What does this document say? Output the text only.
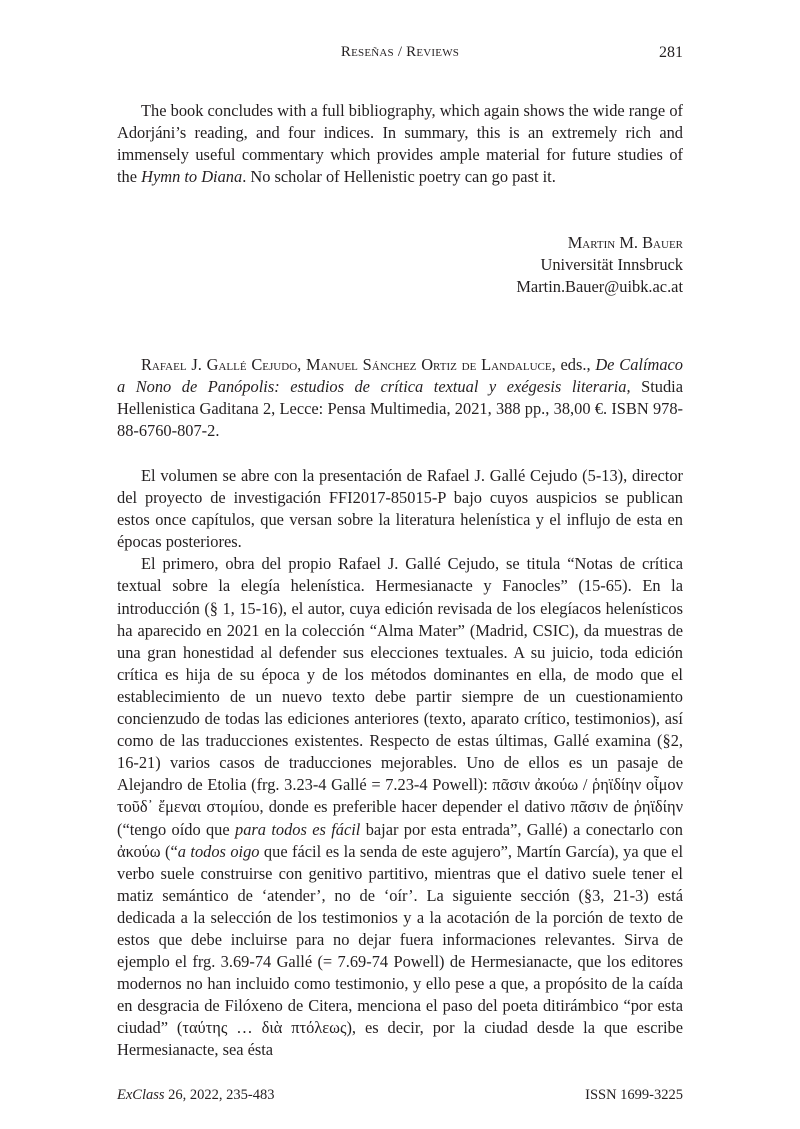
Reseñas / Reviews	281

The book concludes with a full bibliography, which again shows the wide range of Adorjáni’s reading, and four indices. In summary, this is an extremely rich and immensely useful commentary which provides ample material for future studies of the Hymn to Diana. No scholar of Hellenistic poetry can go past it.

Martin M. Bauer
Universität Innsbruck
Martin.Bauer@uibk.ac.at

Rafael J. Gallé Cejudo, Manuel Sánchez Ortiz de Landaluce, eds., De Calímaco a Nono de Panópolis: estudios de crítica textual y exégesis literaria, Studia Hellenistica Gaditana 2, Lecce: Pensa Multimedia, 2021, 388 pp., 38,00 €. ISBN 978-88-6760-807-2.

El volumen se abre con la presentación de Rafael J. Gallé Cejudo (5-13), director del proyecto de investigación FFI2017-85015-P bajo cuyos auspicios se publican estos once capítulos, que versan sobre la literatura helenística y el influjo de esta en épocas posteriores.

El primero, obra del propio Rafael J. Gallé Cejudo, se titula “Notas de crítica textual sobre la elegía helenística. Hermesianacte y Fanocles” (15-65). En la introducción (§ 1, 15-16), el autor, cuya edición revisada de los elegíacos helenísticos ha aparecido en 2021 en la colección “Alma Mater” (Madrid, CSIC), da muestras de una gran honestidad al defender sus elecciones textuales. A su juicio, toda edición crítica es hija de su época y de los métodos dominantes en ella, de modo que el establecimiento de un nuevo texto debe partir siempre de un cuestionamiento concienzudo de todas las ediciones anteriores (texto, aparato crítico, testimonios), así como de las traducciones existentes. Respecto de estas últimas, Gallé examina (§2, 16-21) varios casos de traducciones mejorables. Uno de ellos es un pasaje de Alejandro de Etolia (frg. 3.23-4 Gallé = 7.23-4 Powell): πᾶσιν ἀκούω / ῥηϊδίην οἶμον τοῦδ᾽ ἔμεναι στομίου, donde es preferible hacer depender el dativo πᾶσιν de ῥηϊδίην (“tengo oído que para todos es fácil bajar por esta entrada”, Gallé) a conectarlo con ἀκούω (“a todos oigo que fácil es la senda de este agujero”, Martín García), ya que el verbo suele construirse con genitivo partitivo, mientras que el dativo suele tener el matiz semántico de ‘atender’, no de ‘oír’. La siguiente sección (§3, 21-3) está dedicada a la selección de los testimonios y a la acotación de la porción de texto de estos que debe incluirse para no dejar fuera informaciones relevantes. Sirva de ejemplo el frg. 3.69-74 Gallé (= 7.69-74 Powell) de Hermesianacte, que los editores modernos no han incluido como testimonio, y ello pese a que, a propósito de la caída en desgracia de Filóxeno de Citera, menciona el paso del poeta ditirámbico “por esta ciudad” (ταύτης … διὰ πτόλεως), es decir, por la ciudad desde la que escribe Hermesianacte, sea ésta

ExClass 26, 2022, 235-483	ISSN 1699-3225
